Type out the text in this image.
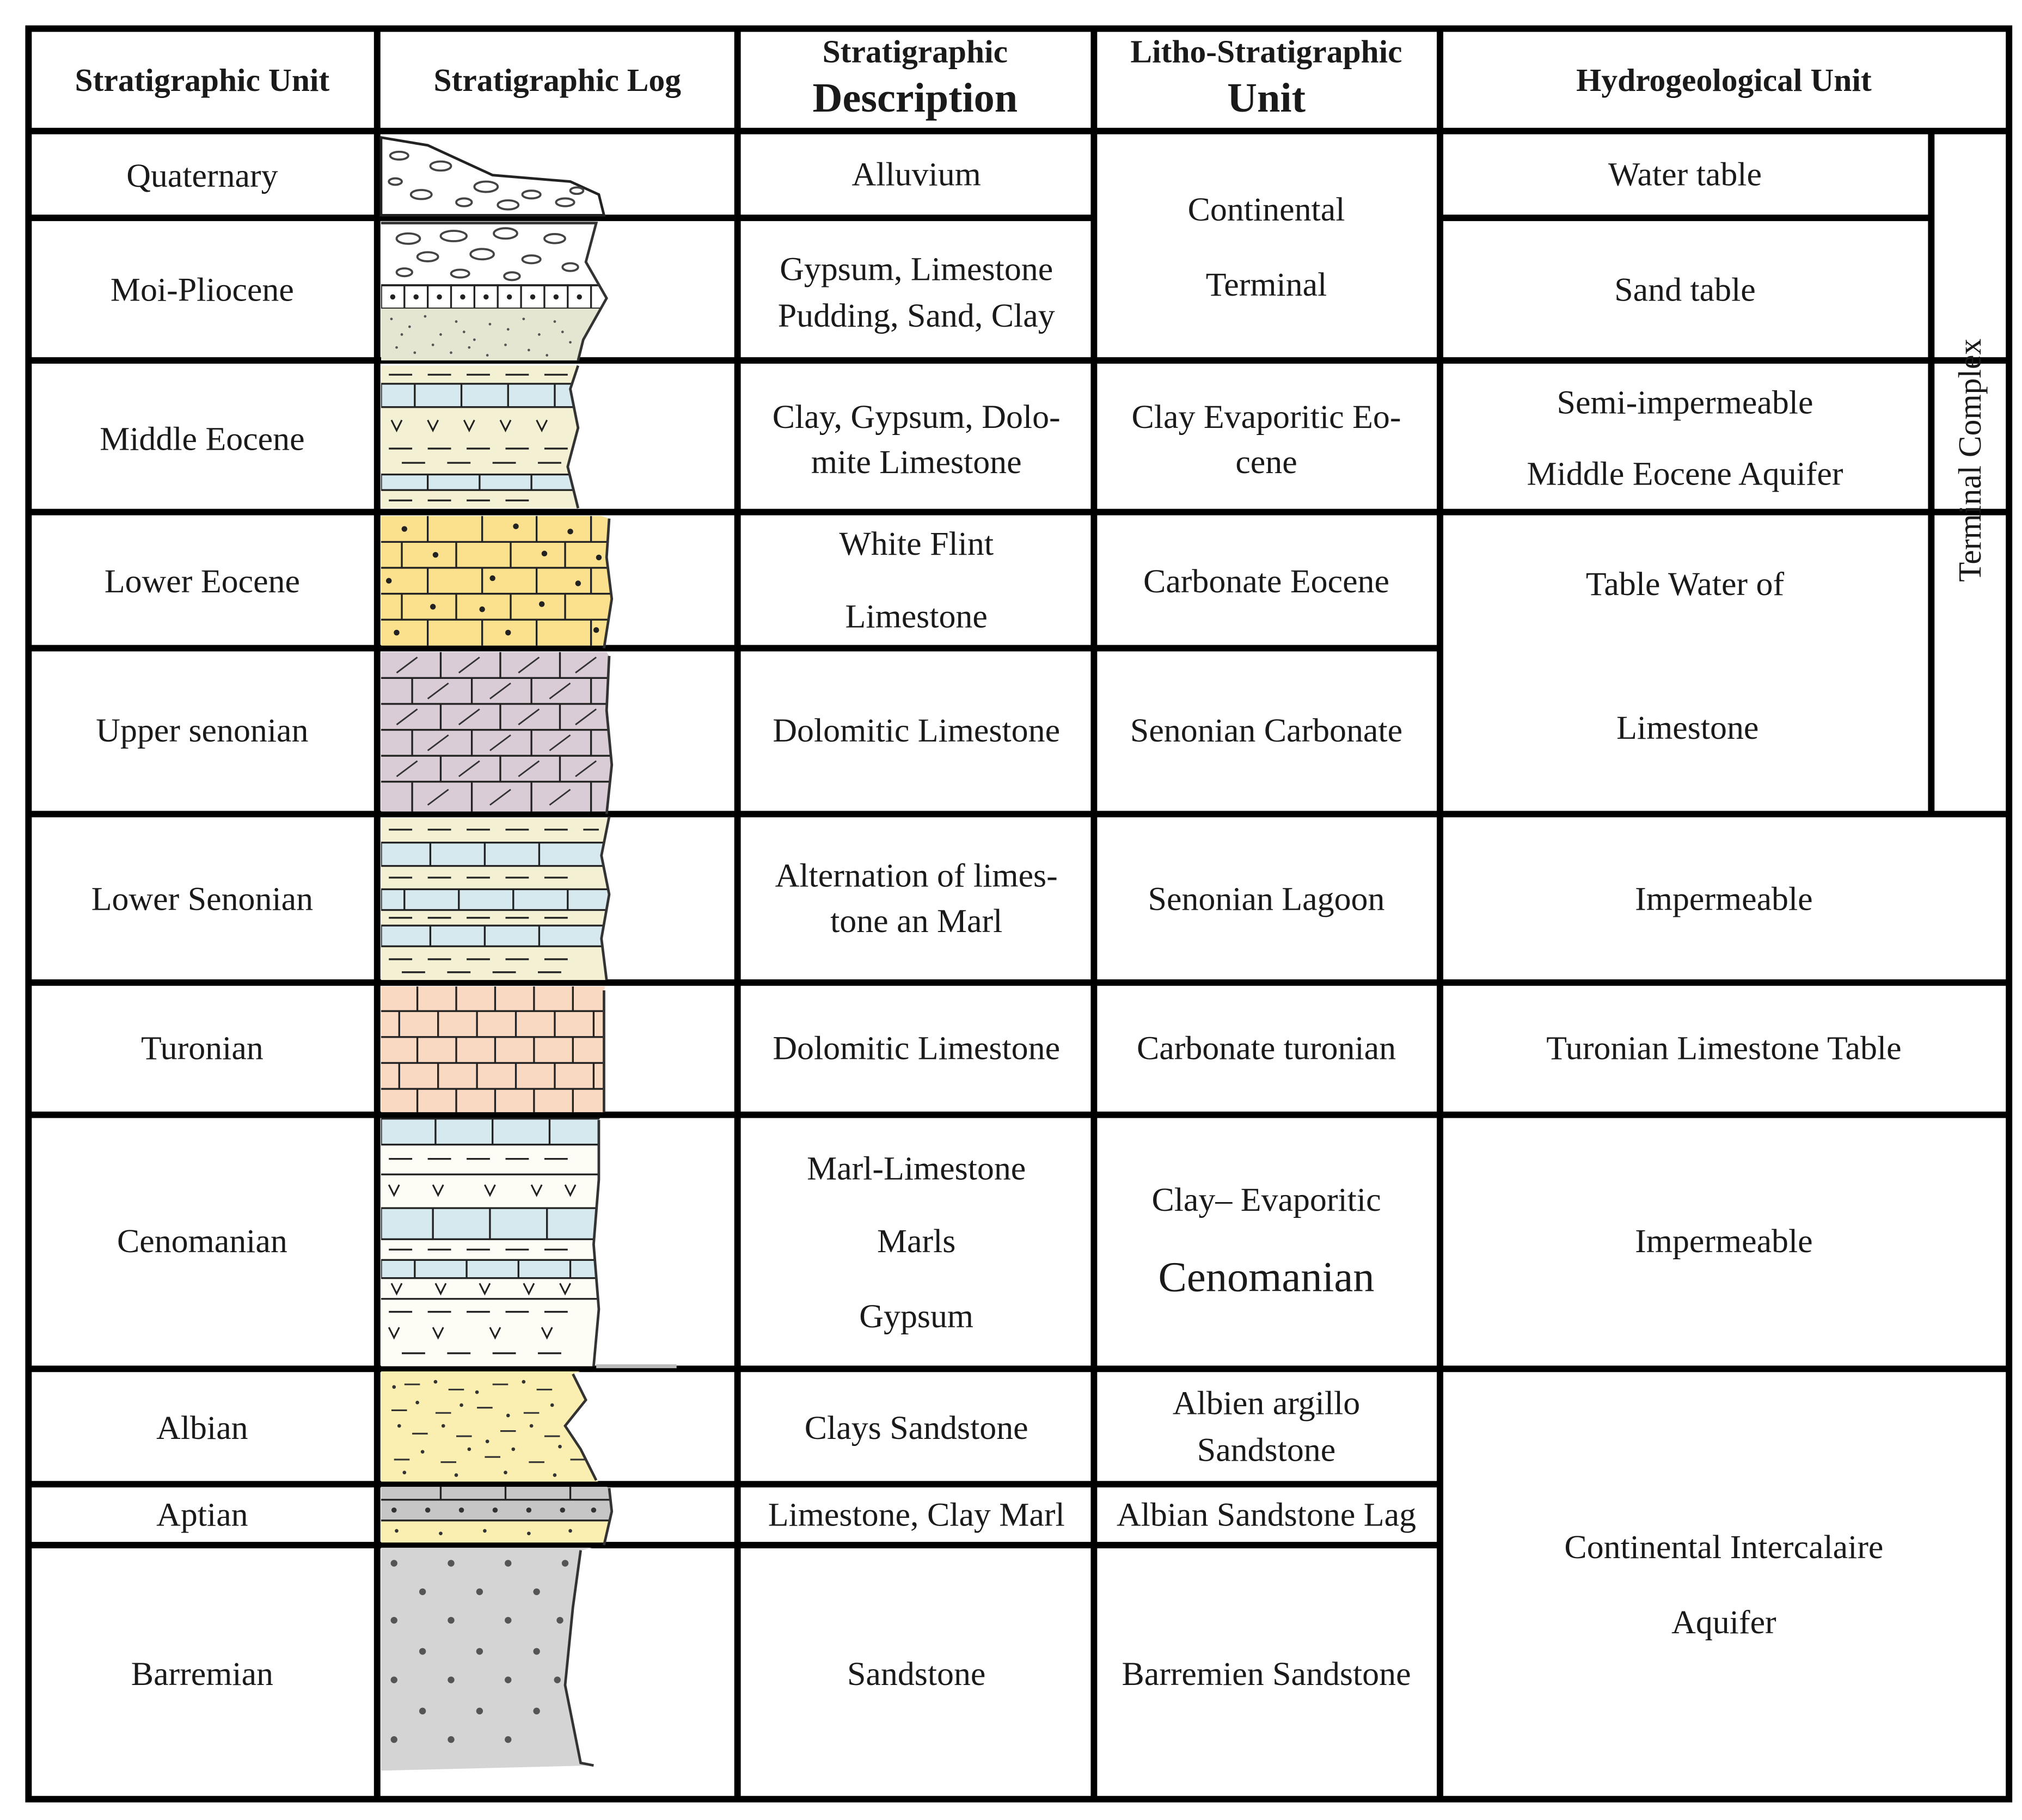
Stratigraphic Unit	Stratigraphic Log
Stratigraphic
Description
Litho-Stratigraphic
Unit	Hydrogeological Unit
Quaternary
Moi-Pliocene
Middle Eocene
Lower Eocene
Upper senonian
Lower Senonian
Turonian
Cenomanian
Albian
Aptian
Barremian
Alluvium
Gypsum, Limestone
Pudding, Sand, Clay
Clay, Gypsum, Dolo-
mite Limestone
White Flint
Limestone
Dolomitic Limestone
Alternation of limes-
tone an Marl
Dolomitic Limestone
Marl-Limestone
Marls
Gypsum
Clays Sandstone
Limestone, Clay Marl
Sandstone
Continental
Terminal
Clay Evaporitic Eo-
cene
Carbonate Eocene
Senonian Carbonate
Senonian Lagoon
Carbonate turonian
Clay– Evaporitic
Cenomanian
Albien argillo
Sandstone
Albian Sandstone Lag
Barremien Sandstone
Water table
Sand table
Semi-impermeable
Middle Eocene Aquifer
Table Water of
Limestone
Impermeable
Turonian Limestone Table
Impermeable
Continental Intercalaire
Aquifer
Terminal Complex
